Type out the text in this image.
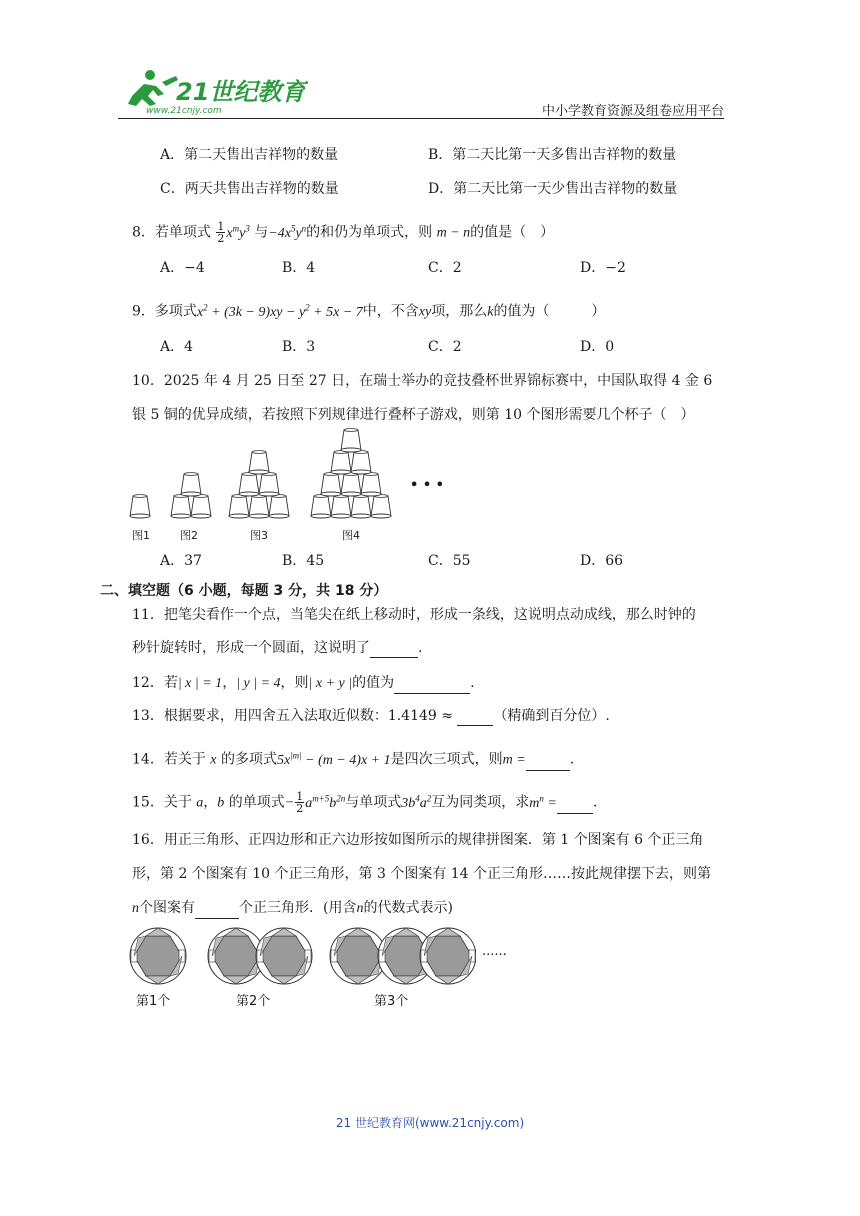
21世纪教育
www.21cnjy.com	中小学教育资源及组卷应用平台
A．第二天售出吉祥物的数量	B．第二天比第一天多售出吉祥物的数量
C．两天共售出吉祥物的数量	D．第二天比第一天少售出吉祥物的数量
8．若单项式 $\frac{1}{2} x^my^3$ 与$-4x^5y^n$的和仍为单项式，则 m − n的值是（　）
A．−4	B．4	C．2	D．−2
9．多项式$x^2 + (3k - 9)xy - y^2 + 5x - 7$中，不含xy项，那么k的值为（　　　）
A．4	B．3	C．2	D．0
10．2025 年 4 月 25 日至 27 日，在瑞士举办的竞技叠杯世界锦标赛中，中国队取得 4 金 6
银 5 铜的优异成绩，若按照下列规律进行叠杯子游戏，则第 10 个图形需要几个杯子（　）
图1	图2	图3	图4
• • •
A．37	B．45	C．55	D．66
二、填空题（6 小题，每题 3 分，共 18 分）
11．把笔尖看作一个点，当笔尖在纸上移动时，形成一条线，这说明点动成线，那么时钟的
秒针旋转时，形成一个圆面，这说明了	.
12．若| x | = 1，| y | = 4，则| x + y |的值为	.
13．根据要求，用四舍五入法取近似数：1.4149 ≈	（精确到百分位）.
14．若关于 x 的多项式$5x^{|m|} - (m - 4)x + 1$是四次三项式，则m =	.
15．关于 a，b 的单项式− $\frac{1}{2} a^{m+5}b^{2n}$与单项式$3b^4a^2$互为同类项，求$m^n$ =	.
16．用正三角形、正四边形和正六边形按如图所示的规律拼图案．第 1 个图案有 6 个正三角
形，第 2 个图案有 10 个正三角形，第 3 个图案有 14 个正三角形……按此规律摆下去，则第
n个图案有	个正三角形．(用含n的代数式表示)
......
第1个	第2个	第3个
21 世纪教育网(www.21cnjy.com)
